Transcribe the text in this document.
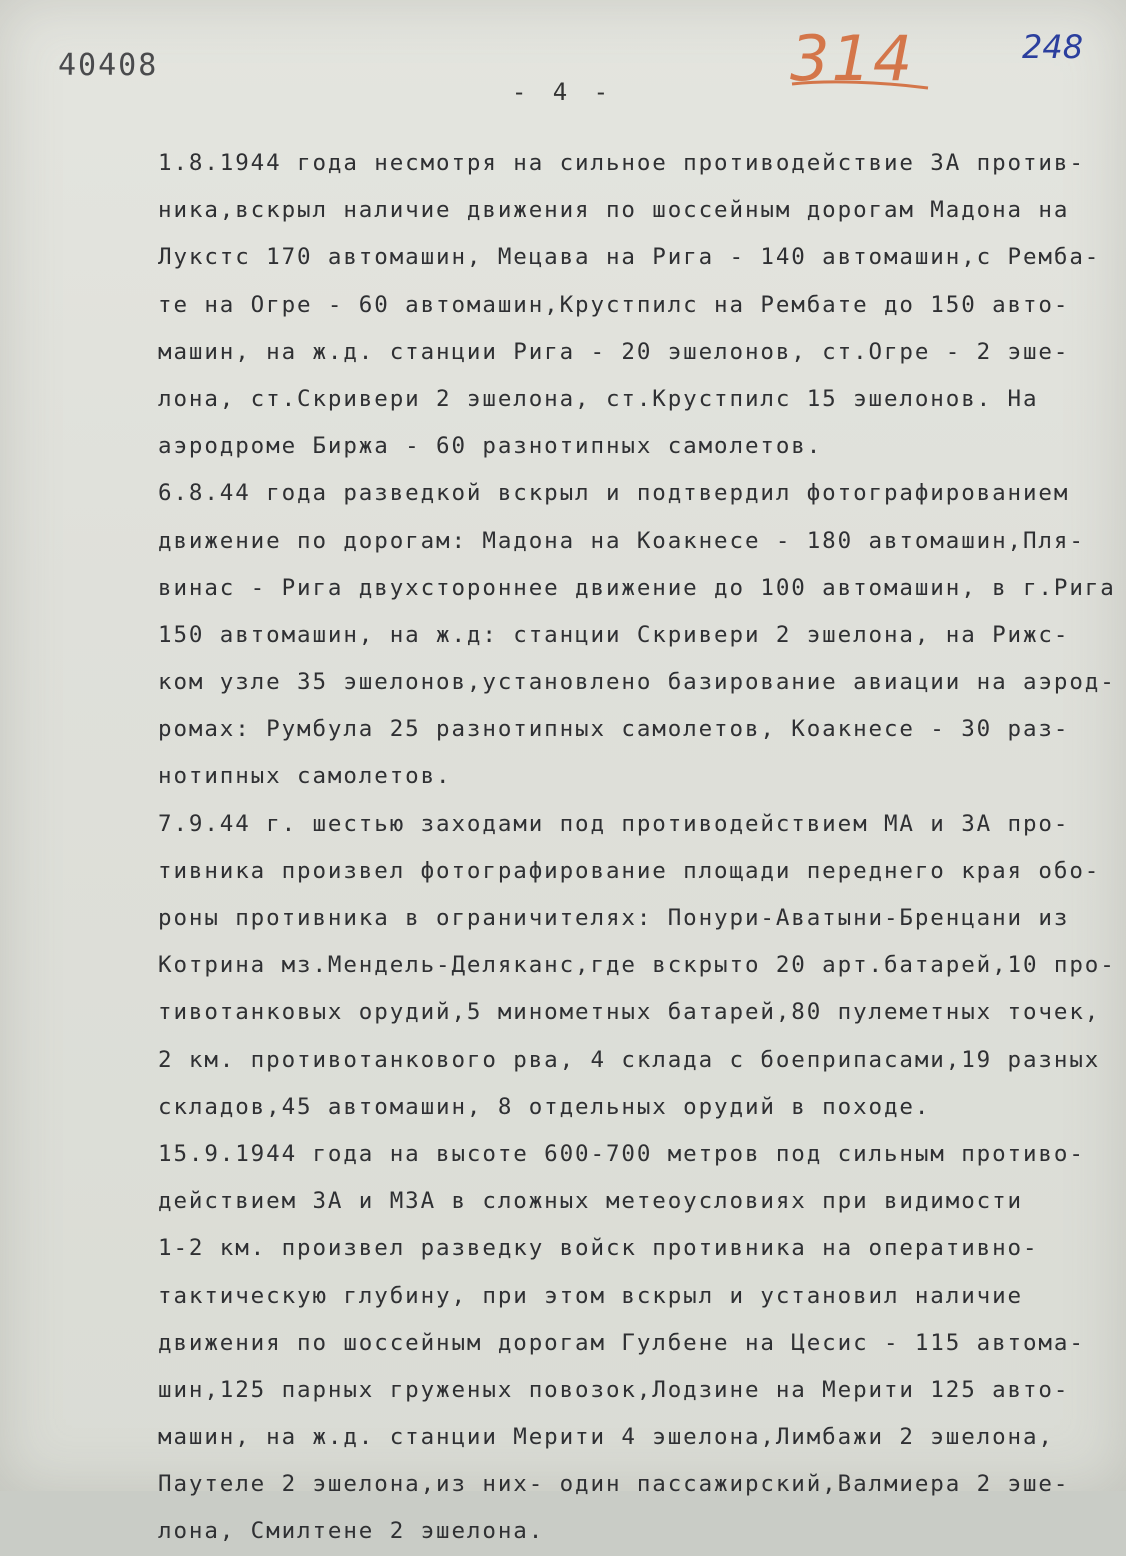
40408
- 4 -	314	248
1.8.1944 года несмотря на сильное противодействие ЗА против-
ника,вскрыл наличие движения по шоссейным дорогам Мадона на
Лукстс 170 автомашин, Мецава на Рига - 140 автомашин,с Рембa-
те на Огре - 60 автомашин,Крустпилс на Рембате до 150 авто-
машин, на ж.д. станции Рига - 20 эшелонов, ст.Огре - 2 эше-
лона, ст.Скривери 2 эшелона, ст.Крустпилс 15 эшелонов. На
аэродроме Биржа - 60 разнотипных самолетов.
6.8.44 года разведкой вскрыл и подтвердил фотографированием
движение по дорогам: Мадона на Коакнесе - 180 автомашин,Пля-
винас - Рига двухстороннее движение до 100 автомашин, в г.Рига
150 автомашин, на ж.д: станции Скривери 2 эшелона, на Рижс-
ком узле 35 эшелонов,установлено базирование авиации на аэрод-
ромах: Румбула 25 разнотипных самолетов, Коакнесе - 30 раз-
нотипных самолетов.
7.9.44 г. шестью заходами под противодействием МА и ЗА про-
тивника произвел фотографирование площади переднего края обо-
роны противника в ограничителях: Понури-Аватыни-Бренцани из
Котрина мз.Мендель-Деляканс,где вскрыто 20 арт.батарей,10 про-
тивотанковых орудий,5 минометных батарей,80 пулеметных точек,
2 км. противотанкового рва, 4 склада с боеприпасами,19 разных
складов,45 автомашин, 8 отдельных орудий в походе.
15.9.1944 года на высоте 600-700 метров под сильным противо-
действием ЗА и МЗА в сложных метеоусловиях при видимости
1-2 км. произвел разведку войск противника на оперативно-
тактическую глубину, при этом вскрыл и установил наличие
движения по шоссейным дорогам Гулбене на Цесис - 115 автома-
шин,125 парных груженых повозок,Лодзине на Мерити 125 авто-
машин, на ж.д. станции Мерити 4 эшелона,Лимбажи 2 эшелона,
Паутеле 2 эшелона,из них- один пассажирский,Валмиера 2 эше-
лона, Смилтене 2 эшелона.
